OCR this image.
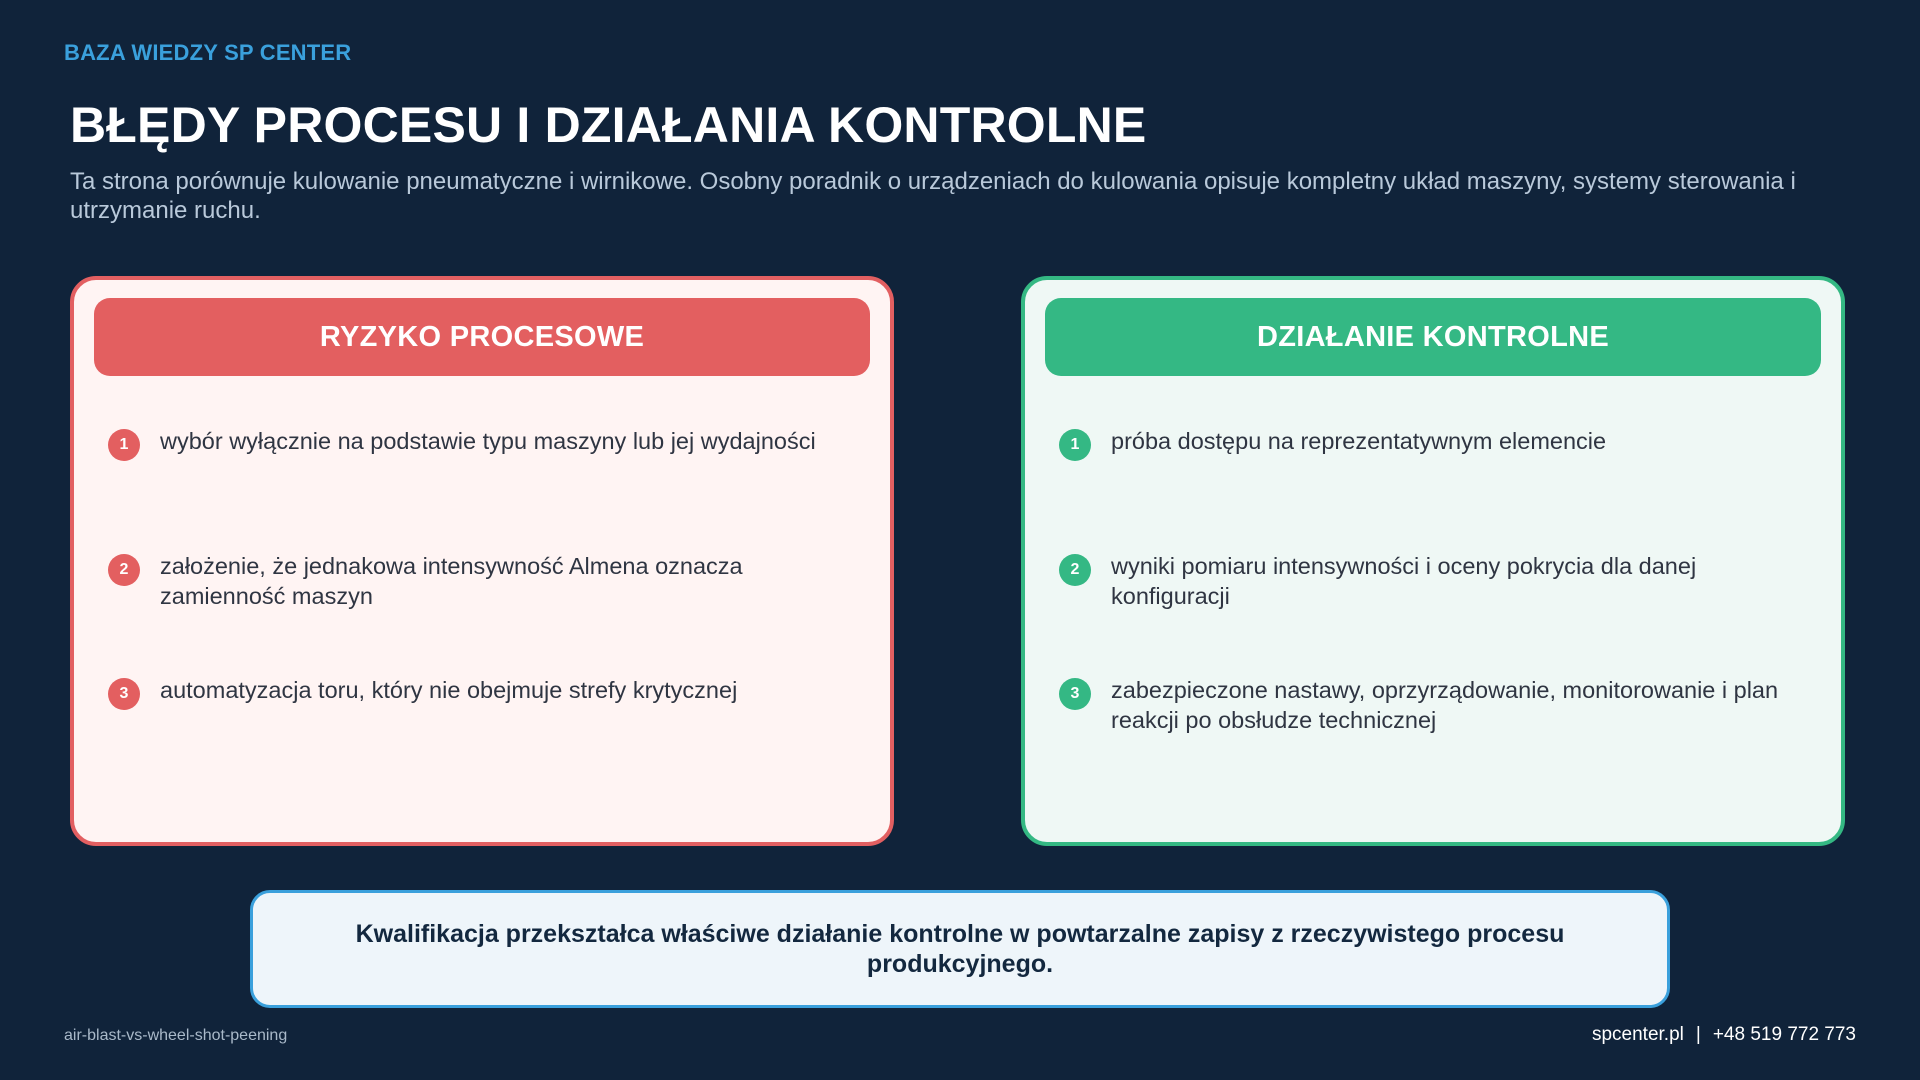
BAZA WIEDZY SP CENTER
BŁĘDY PROCESU I DZIAŁANIA KONTROLNE

Ta strona porównuje kulowanie pneumatyczne i wirnikowe. Osobny poradnik o urządzeniach do kulowania opisuje kompletny układ maszyny, systemy sterowania i utrzymanie ruchu.

RYZYKO PROCESOWE
1	wybór wyłącznie na podstawie typu maszyny lub jej wydajności
2	założenie, że jednakowa intensywność Almena oznacza zamienność maszyn
3	automatyzacja toru, który nie obejmuje strefy krytycznej
DZIAŁANIE KONTROLNE
1	próba dostępu na reprezentatywnym elemencie
2	wyniki pomiaru intensywności i oceny pokrycia dla danej konfiguracji
3	zabezpieczone nastawy, oprzyrządowanie, monitorowanie i plan reakcji po obsłudze technicznej
Kwalifikacja przekształca właściwe działanie kontrolne w powtarzalne zapisy z rzeczywistego procesu produkcyjnego.
air-blast-vs-wheel-shot-peening	spcenter.pl | +48 519 772 773
